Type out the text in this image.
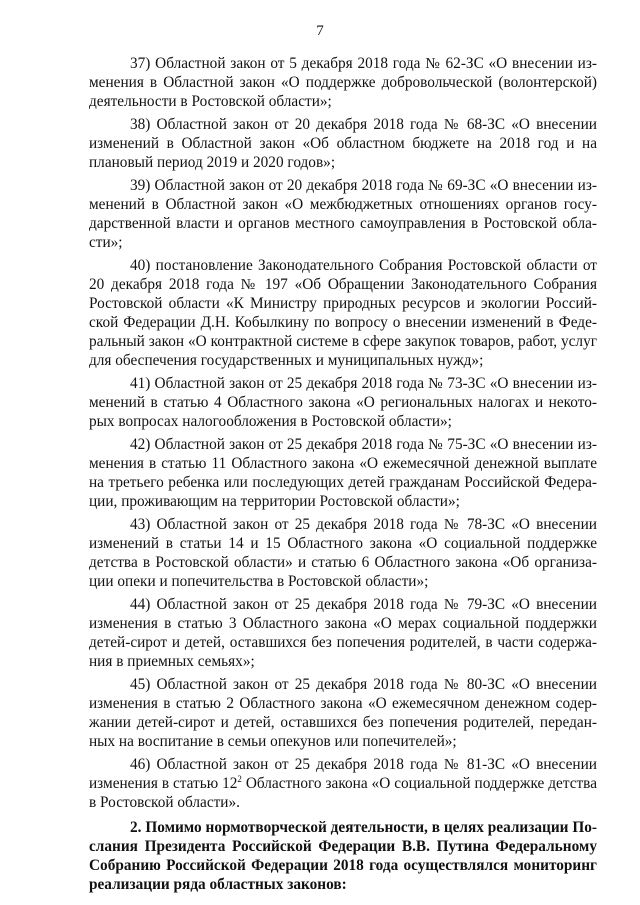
7

37) Областной закон от 5 декабря 2018 года № 62-ЗС «О внесении изменения в Областной закон «О поддержке добровольческой (волонтерской) деятельности в Ростовской области»;

38) Областной закон от 20 декабря 2018 года № 68-ЗС «О внесении изменений в Областной закон «Об областном бюджете на 2018 год и на плановый период 2019 и 2020 годов»;

39) Областной закон от 20 декабря 2018 года № 69-ЗС «О внесении изменений в Областной закон «О межбюджетных отношениях органов государственной власти и органов местного самоуправления в Ростовской области»;

40) постановление Законодательного Собрания Ростовской области от 20 декабря 2018 года № 197 «Об Обращении Законодательного Собрания Ростовской области «К Министру природных ресурсов и экологии Российской Федерации Д.Н. Кобылкину по вопросу о внесении изменений в Федеральный закон «О контрактной системе в сфере закупок товаров, работ, услуг для обеспечения государственных и муниципальных нужд»;

41) Областной закон от 25 декабря 2018 года № 73-ЗС «О внесении изменений в статью 4 Областного закона «О региональных налогах и некоторых вопросах налогообложения в Ростовской области»;

42) Областной закон от 25 декабря 2018 года № 75-ЗС «О внесении изменения в статью 11 Областного закона «О ежемесячной денежной выплате на третьего ребенка или последующих детей гражданам Российской Федерации, проживающим на территории Ростовской области»;

43) Областной закон от 25 декабря 2018 года № 78-ЗС «О внесении изменений в статьи 14 и 15 Областного закона «О социальной поддержке детства в Ростовской области» и статью 6 Областного закона «Об организации опеки и попечительства в Ростовской области»;

44) Областной закон от 25 декабря 2018 года № 79-ЗС «О внесении изменения в статью 3 Областного закона «О мерах социальной поддержки детей-сирот и детей, оставшихся без попечения родителей, в части содержания в приемных семьях»;

45) Областной закон от 25 декабря 2018 года № 80-ЗС «О внесении изменения в статью 2 Областного закона «О ежемесячном денежном содержании детей-сирот и детей, оставшихся без попечения родителей, переданных на воспитание в семьи опекунов или попечителей»;

46) Областной закон от 25 декабря 2018 года № 81-ЗС «О внесении изменения в статью $12^2$ Областного закона «О социальной поддержке детства в Ростовской области».

2. Помимо нормотворческой деятельности, в целях реализации Послания Президента Российской Федерации В.В. Путина Федеральному Собранию Российской Федерации 2018 года осуществлялся мониторинг реализации ряда областных законов:
